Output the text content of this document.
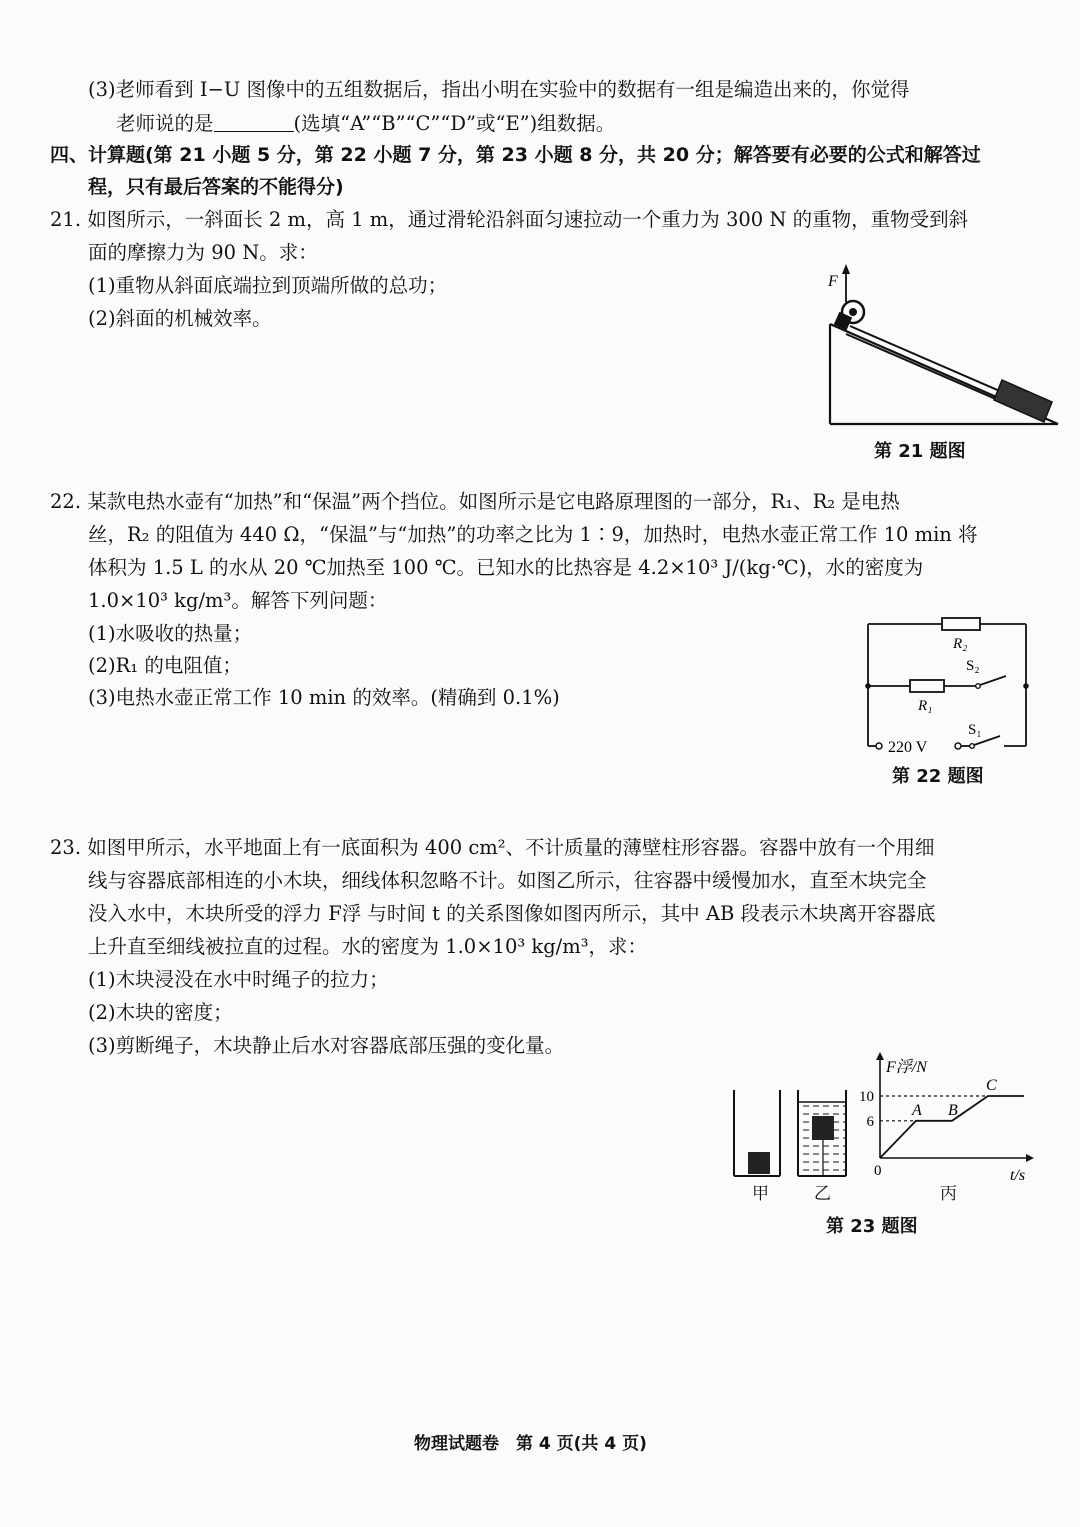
(3)老师看到 I−U 图像中的五组数据后，指出小明在实验中的数据有一组是编造出来的，你觉得
老师说的是	(选填“A”“B”“C”“D”或“E”)组数据。
四、计算题(第 21 小题 5 分，第 22 小题 7 分，第 23 小题 8 分，共 20 分；解答要有必要的公式和解答过
程，只有最后答案的不能得分)
21. 如图所示，一斜面长 2 m，高 1 m，通过滑轮沿斜面匀速拉动一个重力为 300 N 的重物，重物受到斜
面的摩擦力为 90 N。求：
(1)重物从斜面底端拉到顶端所做的总功；
(2)斜面的机械效率。
F
第 21 题图
22. 某款电热水壶有“加热”和“保温”两个挡位。如图所示是它电路原理图的一部分，R₁、R₂ 是电热
丝，R₂ 的阻值为 440 Ω，“保温”与“加热”的功率之比为 1∶9，加热时，电热水壶正常工作 10 min 将
体积为 1.5 L 的水从 20 ℃加热至 100 ℃。已知水的比热容是 4.2×10³ J/(kg·℃)，水的密度为
1.0×10³ kg/m³。解答下列问题：
(1)水吸收的热量；
(2)R₁ 的电阻值；
(3)电热水壶正常工作 10 min 的效率。(精确到 0.1%)
R₂
R₁
S₂
220 V
S₁
第 22 题图
23. 如图甲所示，水平地面上有一底面积为 400 cm²、不计质量的薄壁柱形容器。容器中放有一个用细
线与容器底部相连的小木块，细线体积忽略不计。如图乙所示，往容器中缓慢加水，直至木块完全
没入水中，木块所受的浮力 F浮 与时间 t 的关系图像如图丙所示，其中 AB 段表示木块离开容器底
上升直至细线被拉直的过程。水的密度为 1.0×10³ kg/m³，求：
(1)木块浸没在水中时绳子的拉力；
(2)木块的密度；
(3)剪断绳子，木块静止后水对容器底部压强的变化量。
F浮/N
t/s
0
6
10
A B
C
甲	乙	丙
第 23 题图
物理试题卷　第 4 页(共 4 页)
